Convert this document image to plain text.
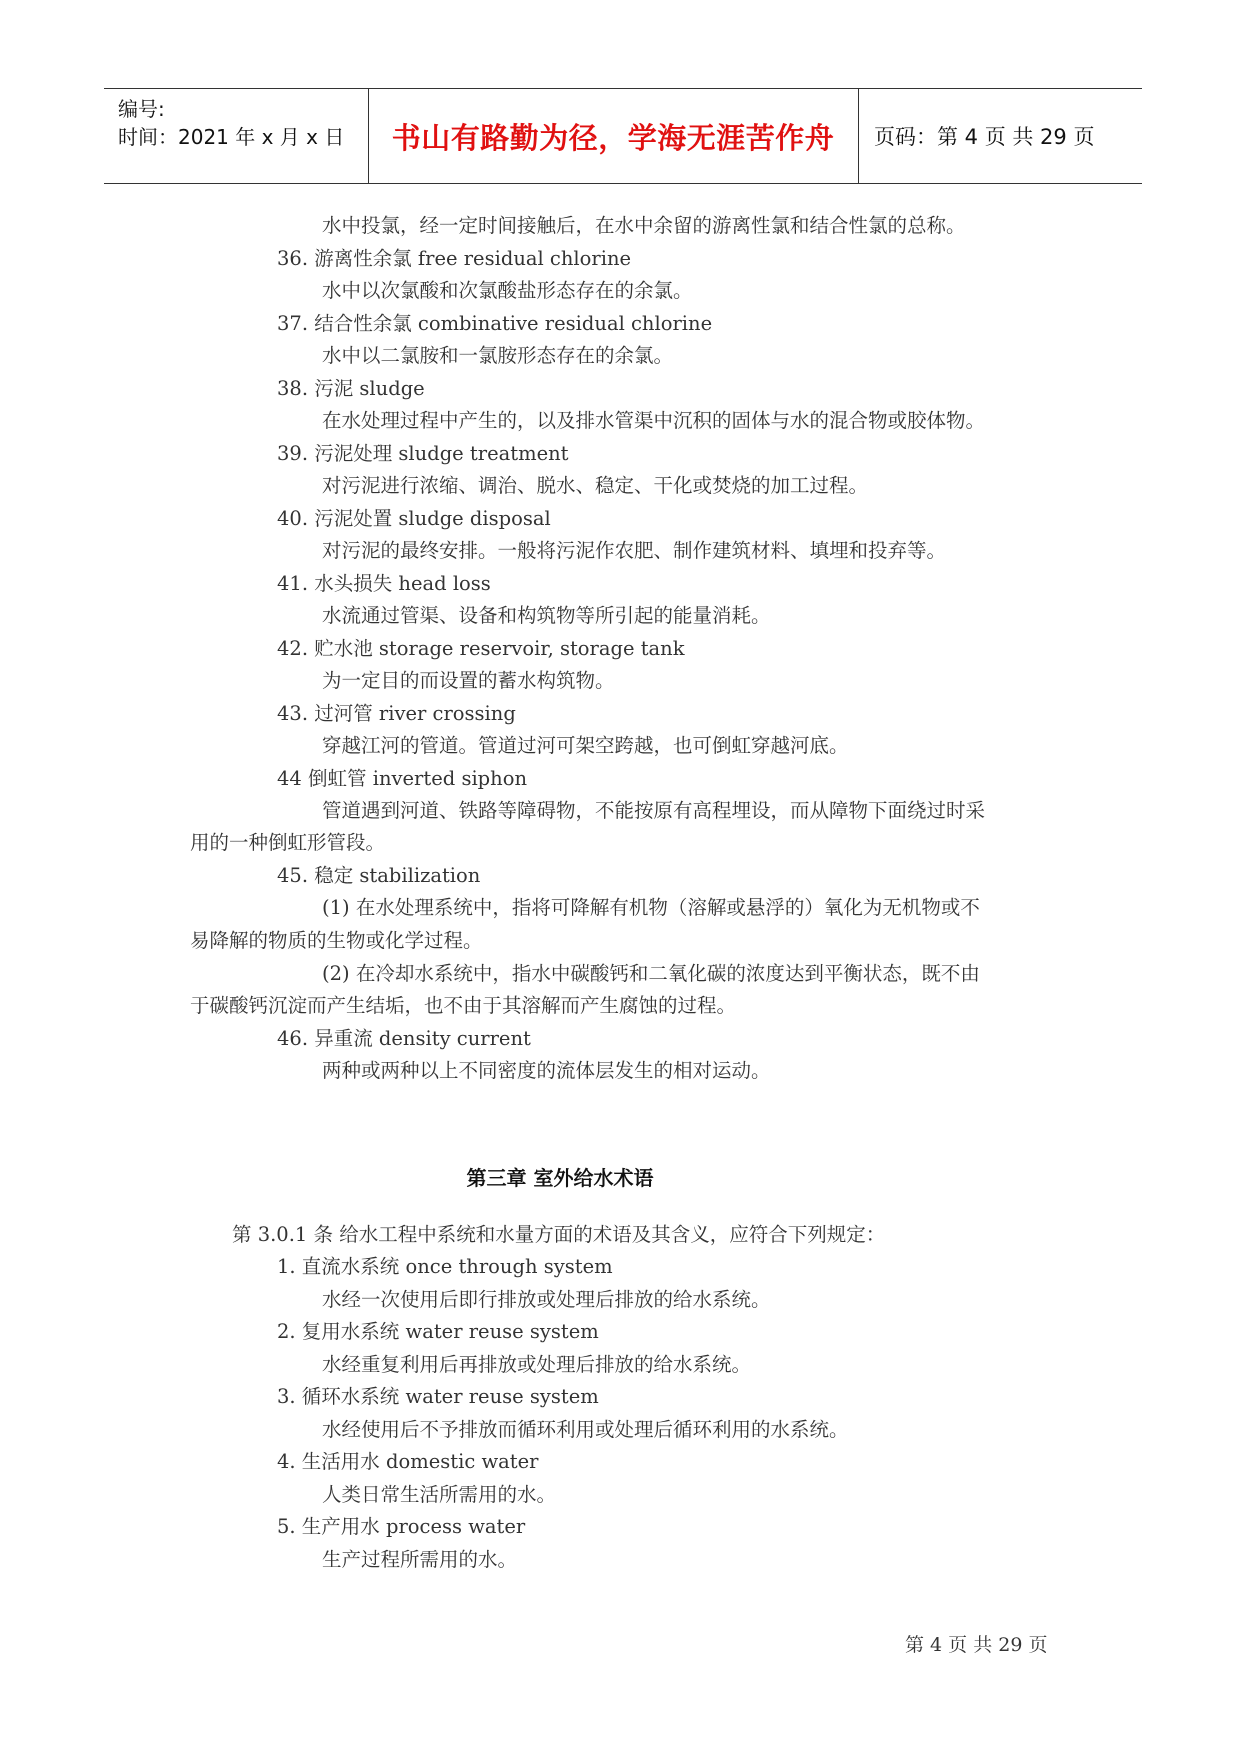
编号:
时间：2021 年 x 月 x 日	书山有路勤为径，学海无涯苦作舟	页码：第 4 页 共 29 页
水中投氯，经一定时间接触后，在水中余留的游离性氯和结合性氯的总称。
36. 游离性余氯 free residual chlorine
水中以次氯酸和次氯酸盐形态存在的余氯。
37. 结合性余氯 combinative residual chlorine
水中以二氯胺和一氯胺形态存在的余氯。
38. 污泥 sludge
在水处理过程中产生的，以及排水管渠中沉积的固体与水的混合物或胶体物。
39. 污泥处理 sludge treatment
对污泥进行浓缩、调治、脱水、稳定、干化或焚烧的加工过程。
40. 污泥处置 sludge disposal
对污泥的最终安排。一般将污泥作农肥、制作建筑材料、填埋和投弃等。
41. 水头损失 head loss
水流通过管渠、设备和构筑物等所引起的能量消耗。
42. 贮水池 storage reservoir, storage tank
为一定目的而设置的蓄水构筑物。
43. 过河管 river crossing
穿越江河的管道。管道过河可架空跨越，也可倒虹穿越河底。
44 倒虹管 inverted siphon
管道遇到河道、铁路等障碍物，不能按原有高程埋设，而从障物下面绕过时采
用的一种倒虹形管段。
45. 稳定 stabilization
(1) 在水处理系统中，指将可降解有机物（溶解或悬浮的）氧化为无机物或不
易降解的物质的生物或化学过程。
(2) 在冷却水系统中，指水中碳酸钙和二氧化碳的浓度达到平衡状态，既不由
于碳酸钙沉淀而产生结垢，也不由于其溶解而产生腐蚀的过程。
46. 异重流 density current
两种或两种以上不同密度的流体层发生的相对运动。
第三章 室外给水术语
第 3.0.1 条 给水工程中系统和水量方面的术语及其含义，应符合下列规定：
1. 直流水系统 once through system
水经一次使用后即行排放或处理后排放的给水系统。
2. 复用水系统 water reuse system
水经重复利用后再排放或处理后排放的给水系统。
3. 循环水系统 water reuse system
水经使用后不予排放而循环利用或处理后循环利用的水系统。
4. 生活用水 domestic water
人类日常生活所需用的水。
5. 生产用水 process water
生产过程所需用的水。
第 4 页 共 29 页
